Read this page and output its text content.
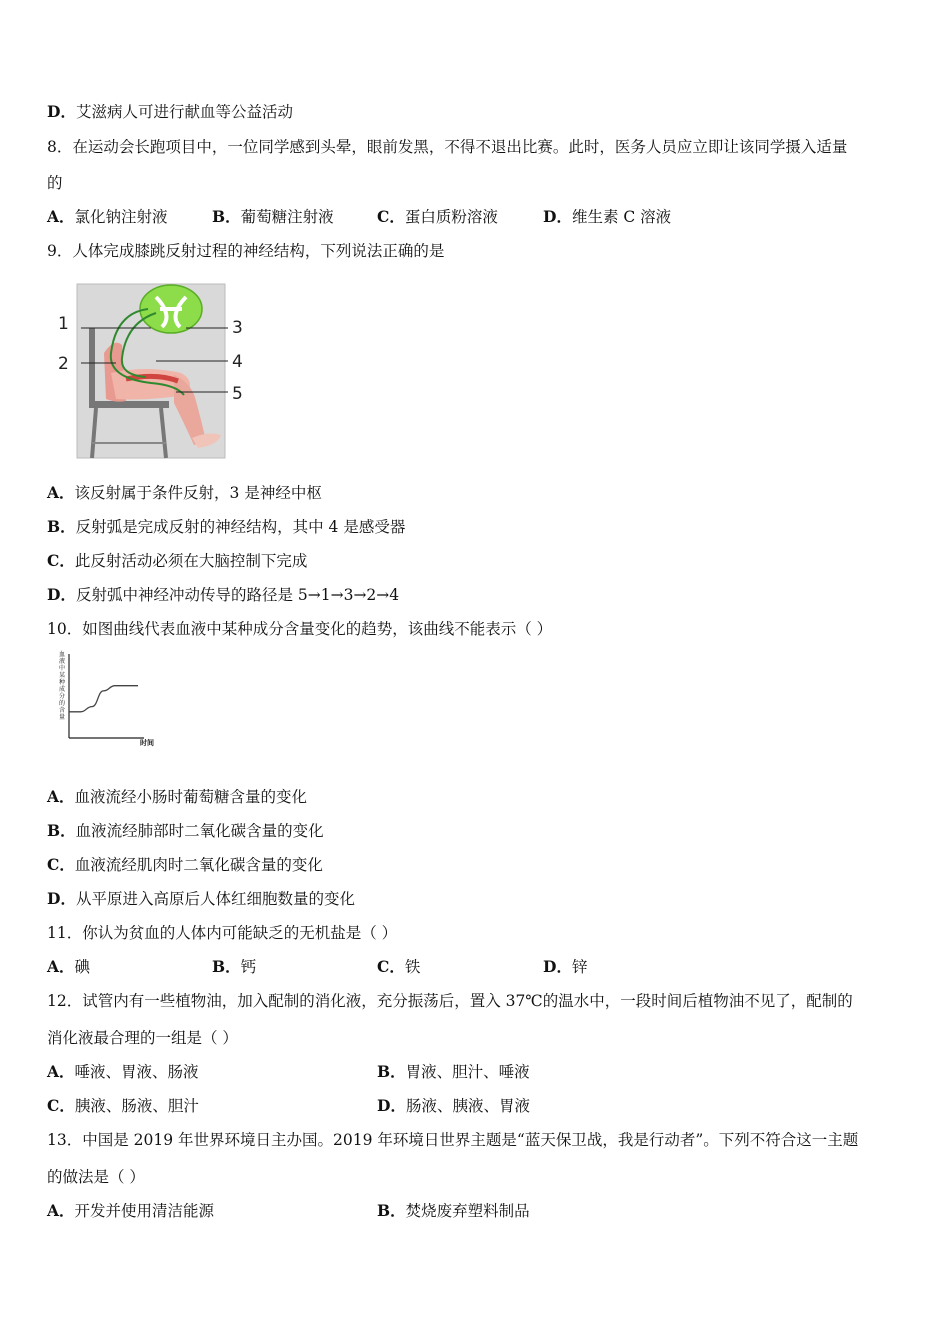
D．艾滋病人可进行献血等公益活动
8．在运动会长跑项目中，一位同学感到头晕，眼前发黑，不得不退出比赛。此时，医务人员应立即让该同学摄入适量
的
A．氯化钠注射液	B．葡萄糖注射液	C．蛋白质粉溶液	D．维生素 C 溶液
9．人体完成膝跳反射过程的神经结构，下列说法正确的是
1
2
3
4
5
A．该反射属于条件反射，3 是神经中枢
B．反射弧是完成反射的神经结构，其中 4 是感受器
C．此反射活动必须在大脑控制下完成
D．反射弧中神经冲动传导的路径是 5→1→3→2→4
10．如图曲线代表血液中某种成分含量变化的趋势，该曲线不能表示（ ）
血液中某种成分的含量
时间
A．血液流经小肠时葡萄糖含量的变化
B．血液流经肺部时二氧化碳含量的变化
C．血液流经肌肉时二氧化碳含量的变化
D．从平原进入高原后人体红细胞数量的变化
11．你认为贫血的人体内可能缺乏的无机盐是（ ）
A．碘	B．钙	C．铁	D．锌
12．试管内有一些植物油，加入配制的消化液，充分振荡后，置入 37℃的温水中，一段时间后植物油不见了，配制的
消化液最合理的一组是（ ）
A．唾液、胃液、肠液	B．胃液、胆汁、唾液
C．胰液、肠液、胆汁	D．肠液、胰液、胃液
13．中国是 2019 年世界环境日主办国。2019 年环境日世界主题是“蓝天保卫战，我是行动者”。下列不符合这一主题
的做法是（ ）
A．开发并使用清洁能源	B．焚烧废弃塑料制品
